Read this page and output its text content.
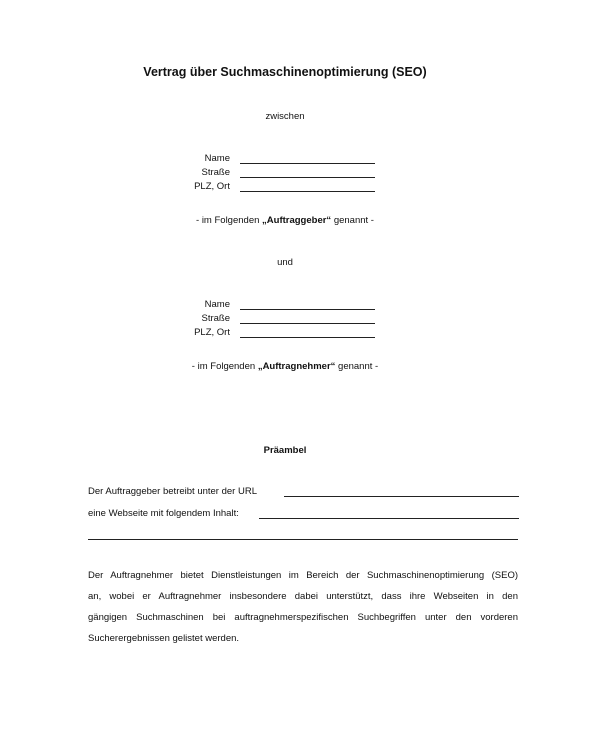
Vertrag über Suchmaschinenoptimierung (SEO)
zwischen
Name
Straße
PLZ, Ort
- im Folgenden „Auftraggeber“ genannt -
und
Name
Straße
PLZ, Ort
- im Folgenden „Auftragnehmer“ genannt -
Präambel
Der Auftraggeber betreibt unter der URL
eine Webseite mit folgendem Inhalt:
Der Auftragnehmer bietet Dienstleistungen im Bereich der Suchmaschinenoptimierung (SEO)
an, wobei er Auftragnehmer insbesondere dabei unterstützt, dass ihre Webseiten in den
gängigen Suchmaschinen bei auftragnehmerspezifischen Suchbegriffen unter den vorderen
Sucherergebnissen gelistet werden.
